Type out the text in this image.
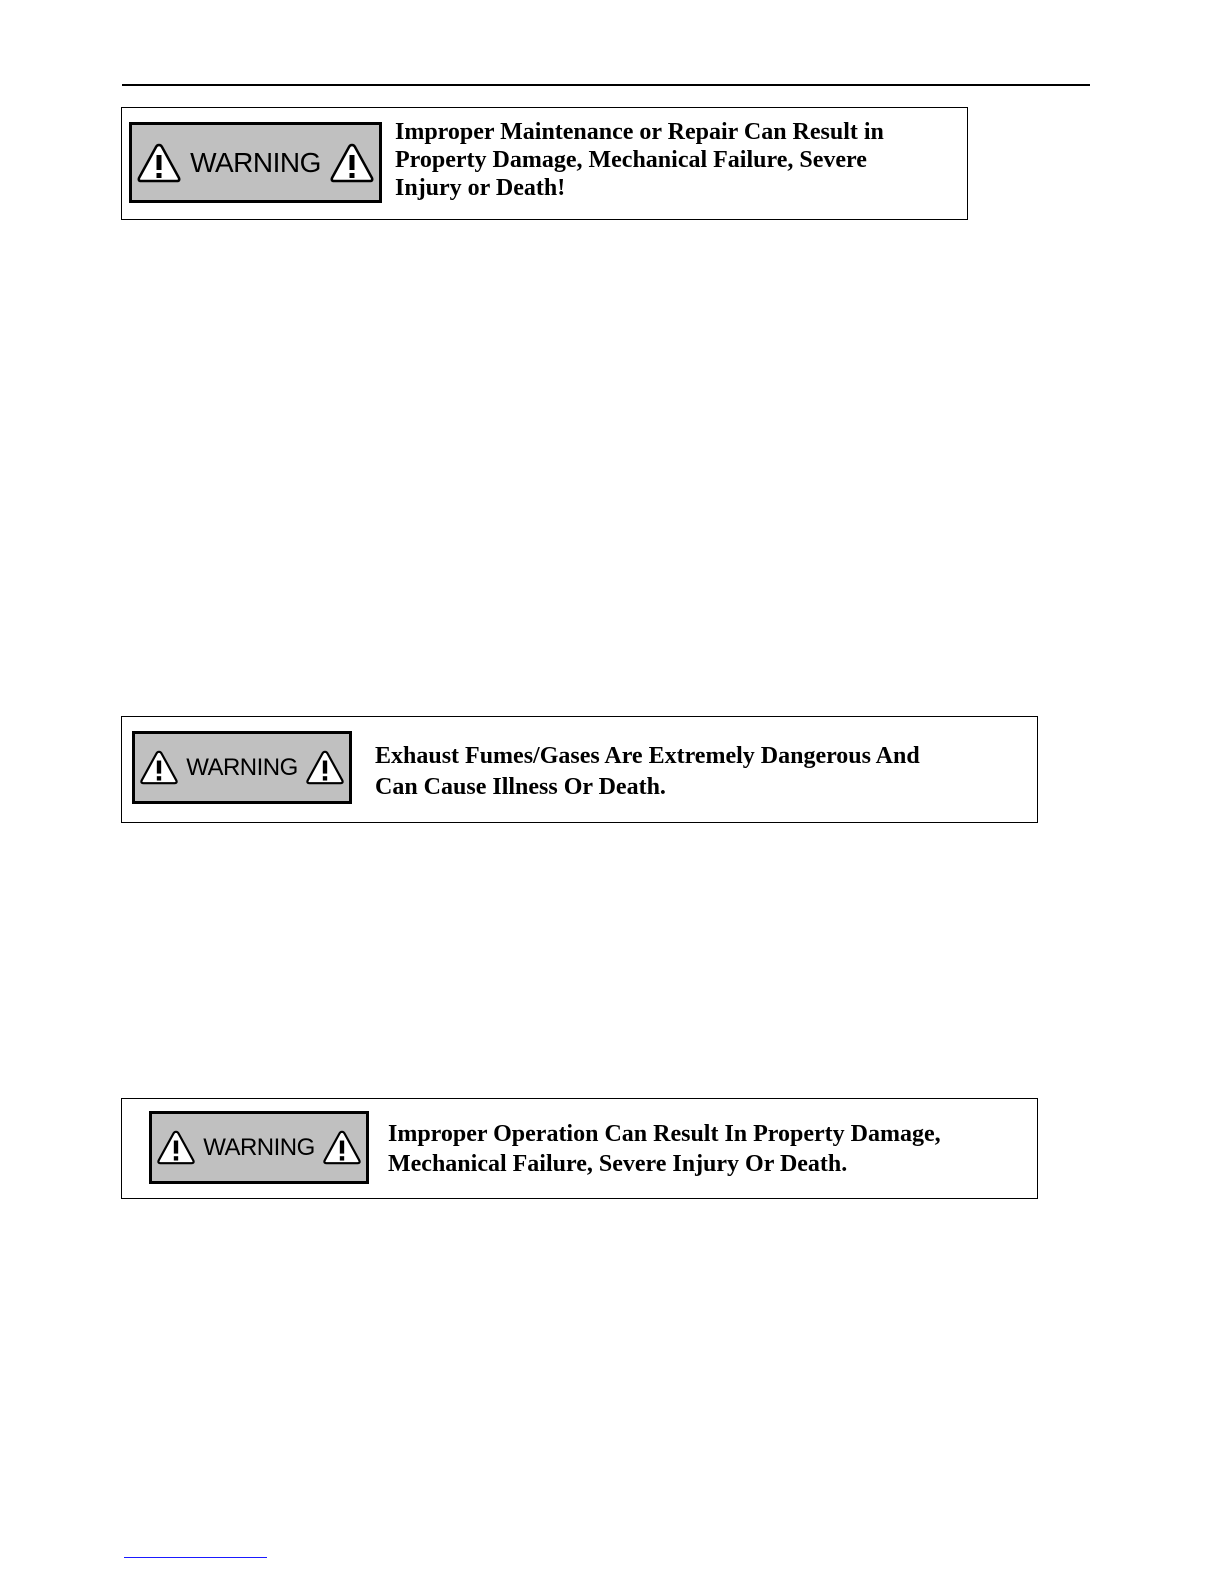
WARNING
Improper Maintenance or Repair Can Result in
Property Damage, Mechanical Failure, Severe
Injury or Death!
WARNING	Exhaust Fumes/Gases Are Extremely Dangerous And
Can Cause Illness Or Death.
WARNING	Improper Operation Can Result In Property Damage,
Mechanical Failure, Severe Injury Or Death.
